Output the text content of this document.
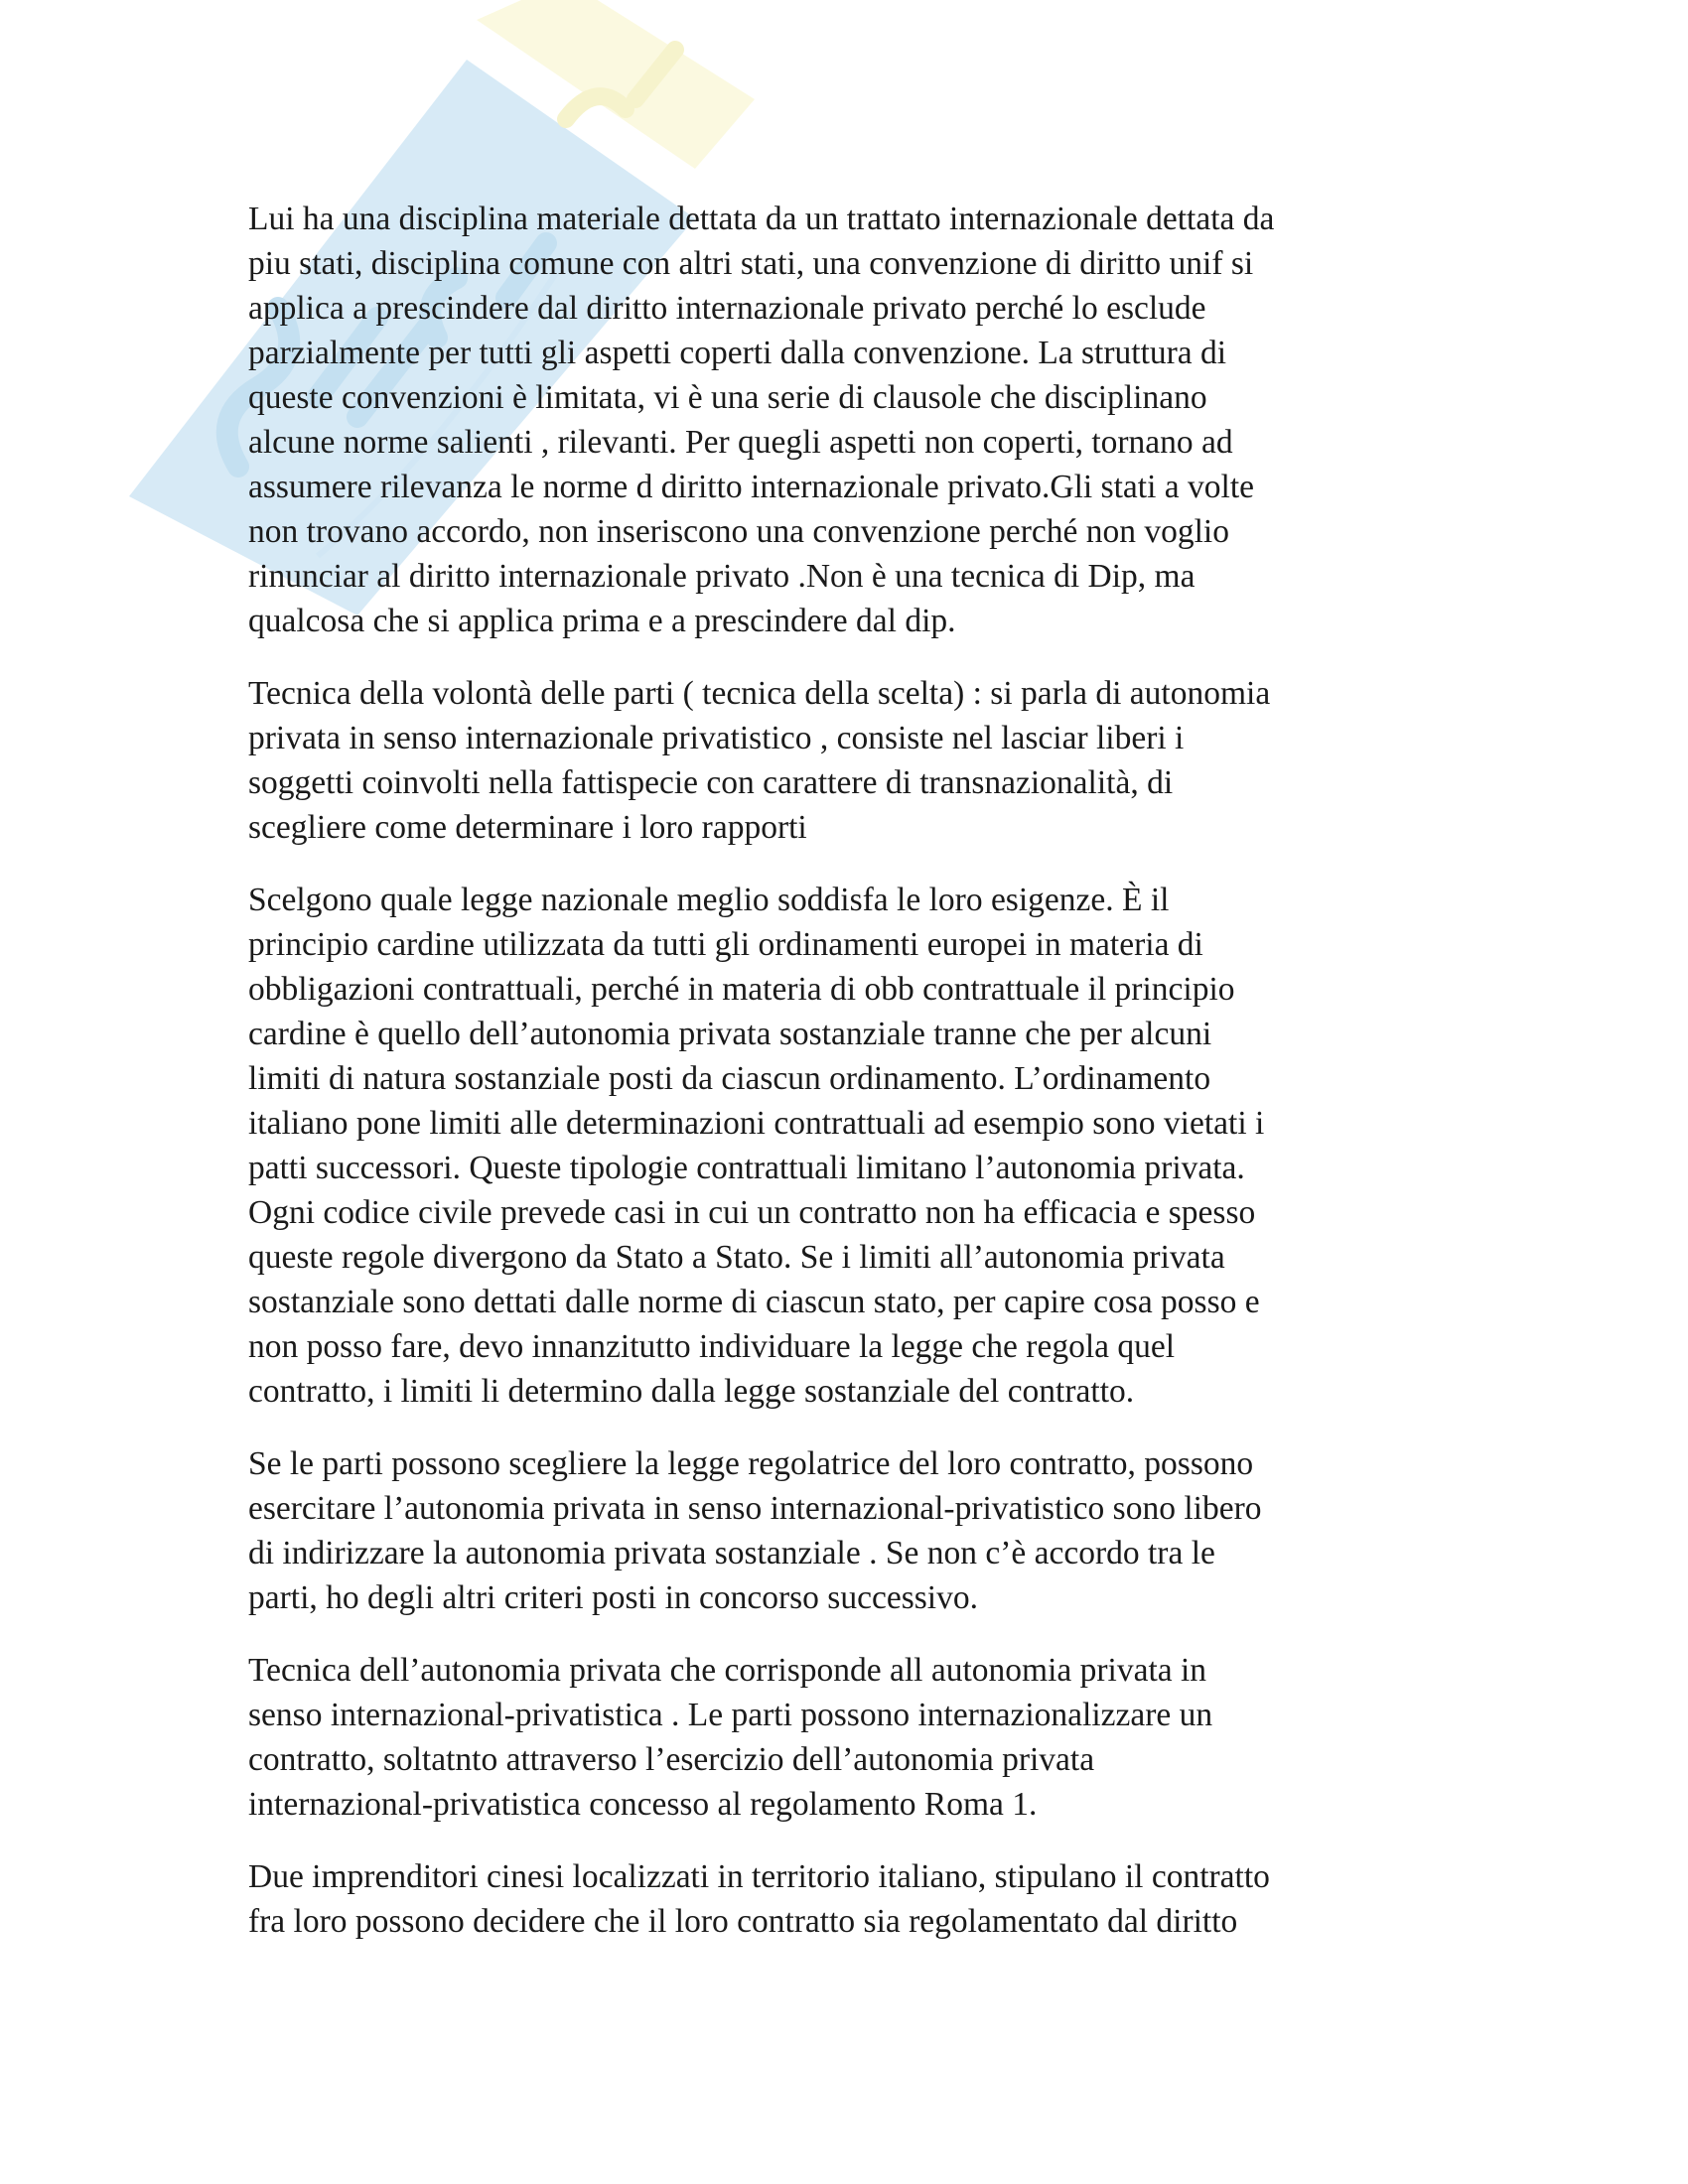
Lui ha una disciplina materiale dettata da un trattato internazionale dettata da
piu stati, disciplina comune con altri stati, una convenzione di diritto unif si
applica a prescindere dal diritto internazionale privato perché lo esclude
parzialmente per tutti gli aspetti coperti dalla convenzione. La struttura di
queste convenzioni è limitata, vi è una serie di clausole che disciplinano
alcune norme salienti , rilevanti. Per quegli aspetti non coperti, tornano ad
assumere rilevanza le norme d diritto internazionale privato.Gli stati a volte
non trovano accordo, non inseriscono una convenzione perché non voglio
rinunciar al diritto internazionale privato .Non è una tecnica di Dip, ma
qualcosa che si applica prima e a prescindere dal dip.

Tecnica della volontà delle parti ( tecnica della scelta) : si parla di autonomia
privata in senso internazionale privatistico , consiste nel lasciar liberi i
soggetti coinvolti nella fattispecie con carattere di transnazionalità, di
scegliere come determinare i loro rapporti

Scelgono quale legge nazionale meglio soddisfa le loro esigenze. È il
principio cardine utilizzata da tutti gli ordinamenti europei in materia di
obbligazioni contrattuali, perché in materia di obb contrattuale il principio
cardine è quello dell’autonomia privata sostanziale tranne che per alcuni
limiti di natura sostanziale posti da ciascun ordinamento. L’ordinamento
italiano pone limiti alle determinazioni contrattuali ad esempio sono vietati i
patti successori. Queste tipologie contrattuali limitano l’autonomia privata.
Ogni codice civile prevede casi in cui un contratto non ha efficacia e spesso
queste regole divergono da Stato a Stato. Se i limiti all’autonomia privata
sostanziale sono dettati dalle norme di ciascun stato, per capire cosa posso e
non posso fare, devo innanzitutto individuare la legge che regola quel
contratto, i limiti li determino dalla legge sostanziale del contratto.

Se le parti possono scegliere la legge regolatrice del loro contratto, possono
esercitare l’autonomia privata in senso internazional-privatistico sono libero
di indirizzare la autonomia privata sostanziale . Se non c’è accordo tra le
parti, ho degli altri criteri posti in concorso successivo.

Tecnica dell’autonomia privata che corrisponde all autonomia privata in
senso internazional-privatistica . Le parti possono internazionalizzare un
contratto, soltatnto attraverso l’esercizio dell’autonomia privata
internazional-privatistica concesso al regolamento Roma 1.

Due imprenditori cinesi localizzati in territorio italiano, stipulano il contratto
fra loro possono decidere che il loro contratto sia regolamentato dal diritto
